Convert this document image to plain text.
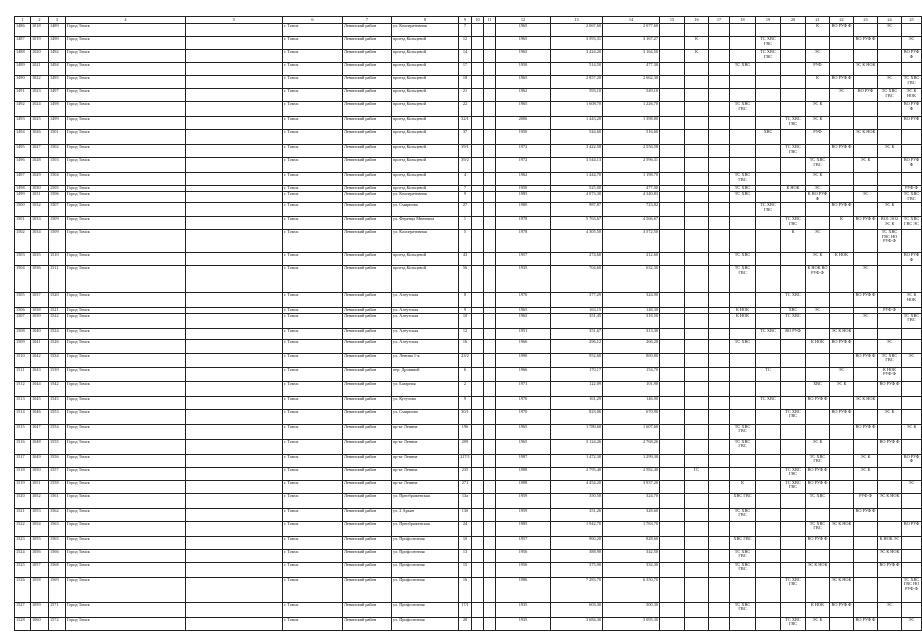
1	2	3	4	5	6	7	8	9	10	11	12	13	14	15	16	17	18	19	20	21	22	23	24	25
1486	1018	1489	Город Томск		г. Томск	Ленинский район	ул. Кооперативная	7			1965	2 067,60	2 077,60							К	ВО РУФ Ф		ЭС	
1487	1019	1490	Город Томск		г. Томск	Ленинский район	проезд Кольцевой	12			1965	3 593,31	3 167,27		К			ТС ХВС ГВС				ВО РУФ Ф		ЭС
1488	1020	1492	Город Томск		г. Томск	Ленинский район	проезд Кольцевой	14			1965	3 424,20	3 164,50		К			ТС ХВС ГВС		ЭС				ВО РУФ Ф
1489	1021	1494	Город Томск		г. Томск	Ленинский район	проезд Кольцевой	17			1950	514,50	477,30				ТС ХВС			РУФ		ЭС К НОК		
1490	1022	1495	Город Томск		г. Томск	Ленинский район	проезд Кольцевой	18			1965	2 857,20	2 662,30							К	ВО РУФ Ф		ЭС	ТС ХВС ГВС
1491	1023	1497	Город Томск		г. Томск	Ленинский район	проезд Кольцевой	21			1962	593,10	549,10								ЭС	ВО РУФ	ТС ХВС ГВС	ЭС К НОК
1492	1024	1498	Город Томск		г. Томск	Ленинский район	проезд Кольцевой	22			1965	1 608,70	1 226,70				ТС ХВС ГВС			ЭС К				ВО РУФ Ф
1493	1025	1499	Город Томск		г. Томск	Ленинский район	проезд Кольцевой	32/1			2006	1 443,20	1 398,80						ТС ХВС ГВС	ЭС К				ВО РУФ
1494	1026	1501	Город Томск		г. Томск	Ленинский район	проезд Кольцевой	37			1950	544,60	516,60					ХВС		РУФ		ЭС К НОК		
1495	1027	1502	Город Томск		г. Томск	Ленинский район	проезд Кольцевой	39/1			1972	3 422,58	2 556,58						ТС ХВС ГВС		ВО РУФ Ф		ЭС К	
1496	1028	1503	Город Томск		г. Томск	Ленинский район	проезд Кольцевой	39/2			1972	3 544,13	2 596,31							ТС ХВС ГВС		ЭС К		ВО РУФ Ф
1497	1029	1504	Город Томск		г. Томск	Ленинский район	проезд Кольцевой	4			1962	1 444,70	1 198,70				ТС ХВС ГВС			ЭС К				
1498	1030	1505	Город Томск		г. Томск	Ленинский район	проезд Кольцевой	7			1950	525,00	477,00				ТС ХВС		К НОК	ЭС				РУФ Ф
1499	1031	1506	Город Томск		г. Томск	Ленинский район	ул. Кооперативная	9			1985	4 073,30	4 340,83				ТС ХВС			К ВО РУФ Ф		ЭС		ТС ХВС ГВС
1500	1032	1507	Город Томск		г. Томск	Ленинский район	ул. Смирнова	27			1980	987,87	723,82					ТС ХВС ГВС			ВО РУФ Ф		ЭС К	
1501	1033	1509	Город Томск		г. Томск	Ленинский район	ул. Ференца Мюнниха	1			1978	5 763,67	4 566,67						ТС ХВС ГВС		К	ВО РУФ Ф	ВО1 ЭО2 ЭС К	ТС ХВС ГВС ЭС
1502	1034	1509	Город Томск		г. Томск	Ленинский район	ул. Кооперативная	5			1978	4 305,50	3 572,50						К	ЭС			ТС ХВС ГВС НО РУФ Ф	
1503	1035	1510	Город Томск		г. Томск	Ленинский район	проезд Кольцевой	43			1957	274,60	212,60				ТС ХВС			ЭС К	К НОК			ВО РУФ Ф
1504	1036	1511	Город Томск		г. Томск	Ленинский район	проезд Кольцевой	56			1935	704,60	632,30				ТС ХВС ГВС			К НОК ВО РУФ Ф		ЭС		
1505	1037	1520	Город Томск		г. Томск	Ленинский район	ул. Алеутская	8			1970	377,29	324,90						ТС ХВС			ВО РУФ Ф		ЭС К НОК
1506	1038	1521	Город Томск		г. Томск	Ленинский район	ул. Алеутская	9			1965	163,15	148,30				К НОК		ХВС	ЭС			РУФ Ф	
1507	1039	1522	Город Томск		г. Томск	Ленинский район	ул. Алеутская	10			1965	351,45	318,50				К НОК		ТС ХВС			ЭС		ТС ХВС ГВС
1508	1040	1524	Город Томск		г. Томск	Ленинский район	ул. Алеутская	12			1951	351,67	313,30					ТС ХВС	ВО РУФ		ЭС К НОК			
1509	1041	1526	Город Томск		г. Томск	Ленинский район	ул. Алеутская	16			1966	296,12	266,20				ТС ХВС			К НОК	ВО РУФ Ф		ЭС	
1510	1042	1534	Город Томск		г. Томск	Ленинский район	ул. Ленина 1-я	23/2			1990	952,60	869,80									ВО РУФ Ф	ТС ХВС ГВС	ЭС
1511	1043	1539	Город Томск		г. Томск	Ленинский район	пер. Дровяной	6			1966	170,17	154,70					ТС			ЭС		К НОК РУФ Ф	
1512	1044	1542	Город Томск		г. Томск	Ленинский район	ул. Базарная	2			1971	122,09	101,90							ХВС	ЭС К		ВО РУФ Ф	
1513	1045	1545	Город Томск		г. Томск	Ленинский район	ул. Кутузова	9			1970	161,29	146,90					ТС ХВС		ВО РУФ Ф		ЭС К НОК		
1514	1046	1553	Город Томск		г. Томск	Ленинский район	ул. Смирнова	30/1			1970	823,06	670,90						ТС ХВС ГВС		ВО РУФ Ф		ЭС К	
1515	1047	1554	Город Томск		г. Томск	Ленинский район	пр-кт Ленина	196			1965	1 780,60	1 607,60				ТС ХВС ГВС					ВО РУФ Ф		ЭС К
1516	1048	1555	Город Томск		г. Томск	Ленинский район	пр-кт Ленина	209			1965	3 124,26	2 768,26				ТС ХВС ГВС			ЭС К			ВО РУФ Ф	
1517	1049	1556	Город Томск		г. Томск	Ленинский район	пр-кт Ленина	217/1			1987	1 472,30	1 299,30							ТС ХВС ГВС		ЭС К		ВО РУФ Ф
1518	1050	1557	Город Томск		г. Томск	Ленинский район	пр-кт Ленина	235			1988	2 795,40	2 582,40		ГС				ТС ХВС ГВС	ВО РУФ Ф		ЭС К		
1519	1051	1558	Город Томск		г. Томск	Ленинский район	пр-кт Ленина	271			1988	4 454,20	3 937,20				К		ТС ХВС ГВС	ВО РУФ Ф				ЭС
1520	1052	1561	Город Томск		г. Томск	Ленинский район	ул. Преображенская	13а			1959	350,50	324,70				ХВС ГВС			ТС ХВС		РУФ Ф	ЭС К НОК	
1521	1053	1562	Город Томск		г. Томск	Ленинский район	ул. 2 Арьян	13б			1959	351,26	328,60				ТС ХВС ГВС					ВО РУФ Ф		
1522	1054	1563	Город Томск		г. Томск	Ленинский район	ул. Преображенская	24			1985	1 942,70	1 763,70							ТС ХВС ГВС	ЭС К НОК			ВО РУФ
1523	1055	1565	Город Томск		г. Томск	Ленинский район	ул. Профсоюзная	10			1957	960,20	828,60				ХВС ГВС			ВО РУФ Ф			К НОК ЭС	
1524	1056	1566	Город Томск		г. Томск	Ленинский район	ул. Профсоюзная	13			1956	388,90	342,50				ТС ХВС ГВС						ЭС К НОК	
1525	1057	1568	Город Томск		г. Томск	Ленинский район	ул. Профсоюзная	15			1956	375,90	332,30				ТС ХВС ГВС			ЭС К НОК			ВО РУФ Ф	
1526	1058	1569	Город Томск		г. Томск	Ленинский район	ул. Профсоюзная	16			1986	7 283,70	6 350,70						ТС ХВС ГВС		ЭС К НОК			ТС ХВС ГВС НО РУФ Ф
1527	1059	1571	Город Томск		г. Томск	Ленинский район	ул. Профсоюзная	17/1			1935	603,30	500,30				ТС ХВС ГВС			К НОК	ВО РУФ Ф		ЭС	
1528	1060	1572	Город Томск		г. Томск	Ленинский район	ул. Профсоюзная	20			1935	3 684,30	3 095,30						ТС ХВС ГВС	ЭС К		ВО РУФ Ф		ЭС
